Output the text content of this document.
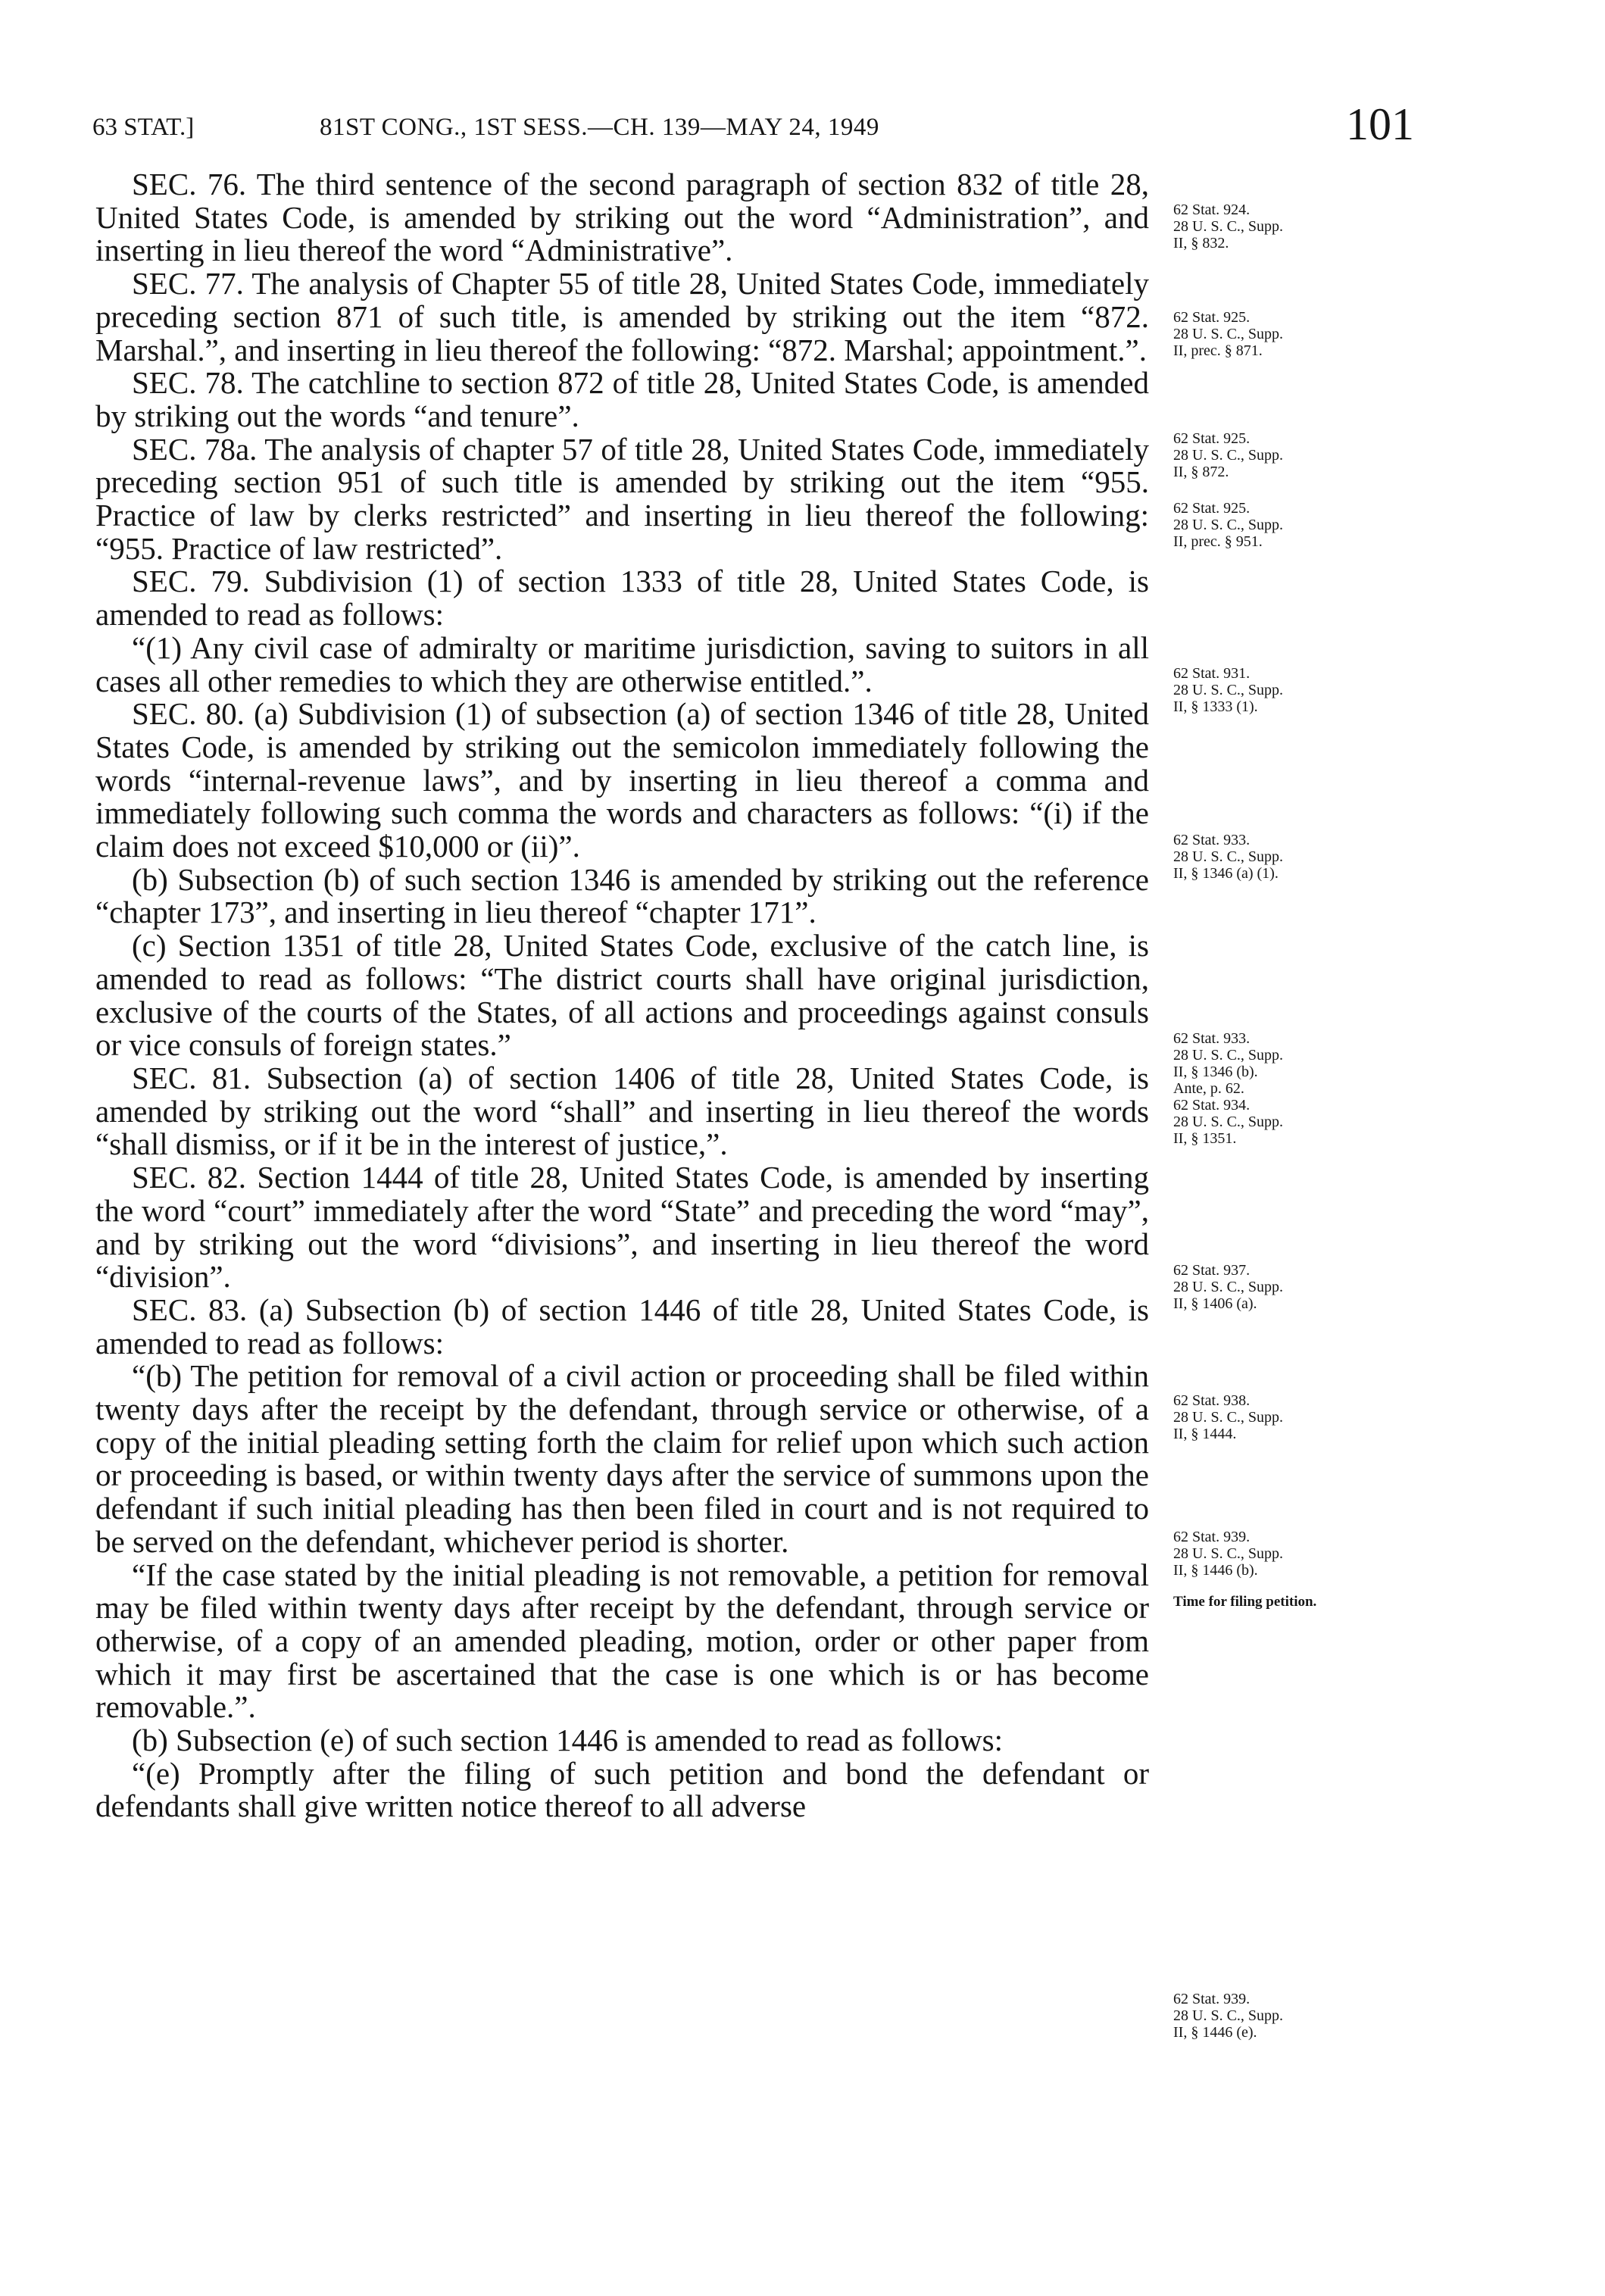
63 STAT.]	81ST CONG., 1ST SESS.—CH. 139—MAY 24, 1949	101

SEC. 76. The third sentence of the second paragraph of section 832 of title 28, United States Code, is amended by striking out the word “Administration”, and inserting in lieu thereof the word “Administrative”.

SEC. 77. The analysis of Chapter 55 of title 28, United States Code, immediately preceding section 871 of such title, is amended by striking out the item “872. Marshal.”, and inserting in lieu thereof the following: “872. Marshal; appointment.”.

SEC. 78. The catchline to section 872 of title 28, United States Code, is amended by striking out the words “and tenure”.

SEC. 78a. The analysis of chapter 57 of title 28, United States Code, immediately preceding section 951 of such title is amended by striking out the item “955. Practice of law by clerks restricted” and inserting in lieu thereof the following: “955. Practice of law restricted”.

SEC. 79. Subdivision (1) of section 1333 of title 28, United States Code, is amended to read as follows:

“(1) Any civil case of admiralty or maritime jurisdiction, saving to suitors in all cases all other remedies to which they are otherwise entitled.”.

SEC. 80. (a) Subdivision (1) of subsection (a) of section 1346 of title 28, United States Code, is amended by striking out the semicolon immediately following the words “internal-revenue laws”, and by inserting in lieu thereof a comma and immediately following such comma the words and characters as follows: “(i) if the claim does not exceed $10,000 or (ii)”.

(b) Subsection (b) of such section 1346 is amended by striking out the reference “chapter 173”, and inserting in lieu thereof “chapter 171”.

(c) Section 1351 of title 28, United States Code, exclusive of the catch line, is amended to read as follows: “The district courts shall have original jurisdiction, exclusive of the courts of the States, of all actions and proceedings against consuls or vice consuls of foreign states.”

SEC. 81. Subsection (a) of section 1406 of title 28, United States Code, is amended by striking out the word “shall” and inserting in lieu thereof the words “shall dismiss, or if it be in the interest of justice,”.

SEC. 82. Section 1444 of title 28, United States Code, is amended by inserting the word “court” immediately after the word “State” and preceding the word “may”, and by striking out the word “divisions”, and inserting in lieu thereof the word “division”.

SEC. 83. (a) Subsection (b) of section 1446 of title 28, United States Code, is amended to read as follows:

“(b) The petition for removal of a civil action or proceeding shall be filed within twenty days after the receipt by the defendant, through service or otherwise, of a copy of the initial pleading setting forth the claim for relief upon which such action or proceeding is based, or within twenty days after the service of summons upon the defendant if such initial pleading has then been filed in court and is not required to be served on the defendant, whichever period is shorter.

“If the case stated by the initial pleading is not removable, a petition for removal may be filed within twenty days after receipt by the defendant, through service or otherwise, of a copy of an amended pleading, motion, order or other paper from which it may first be ascertained that the case is one which is or has become removable.”.

(b) Subsection (e) of such section 1446 is amended to read as follows:

“(e) Promptly after the filing of such petition and bond the defendant or defendants shall give written notice thereof to all adverse

62 Stat. 924.
28 U. S. C., Supp.
II, § 832.
62 Stat. 925.
28 U. S. C., Supp.
II, prec. § 871.
62 Stat. 925.
28 U. S. C., Supp.
II, § 872.
62 Stat. 925.
28 U. S. C., Supp.
II, prec. § 951.
62 Stat. 931.
28 U. S. C., Supp.
II, § 1333 (1).
62 Stat. 933.
28 U. S. C., Supp.
II, § 1346 (a) (1).
62 Stat. 933.
28 U. S. C., Supp.
II, § 1346 (b).
Ante, p. 62.
62 Stat. 934.
28 U. S. C., Supp.
II, § 1351.
62 Stat. 937.
28 U. S. C., Supp.
II, § 1406 (a).
62 Stat. 938.
28 U. S. C., Supp.
II, § 1444.
62 Stat. 939.
28 U. S. C., Supp.
II, § 1446 (b).
Time for filing petition.
62 Stat. 939.
28 U. S. C., Supp.
II, § 1446 (e).
